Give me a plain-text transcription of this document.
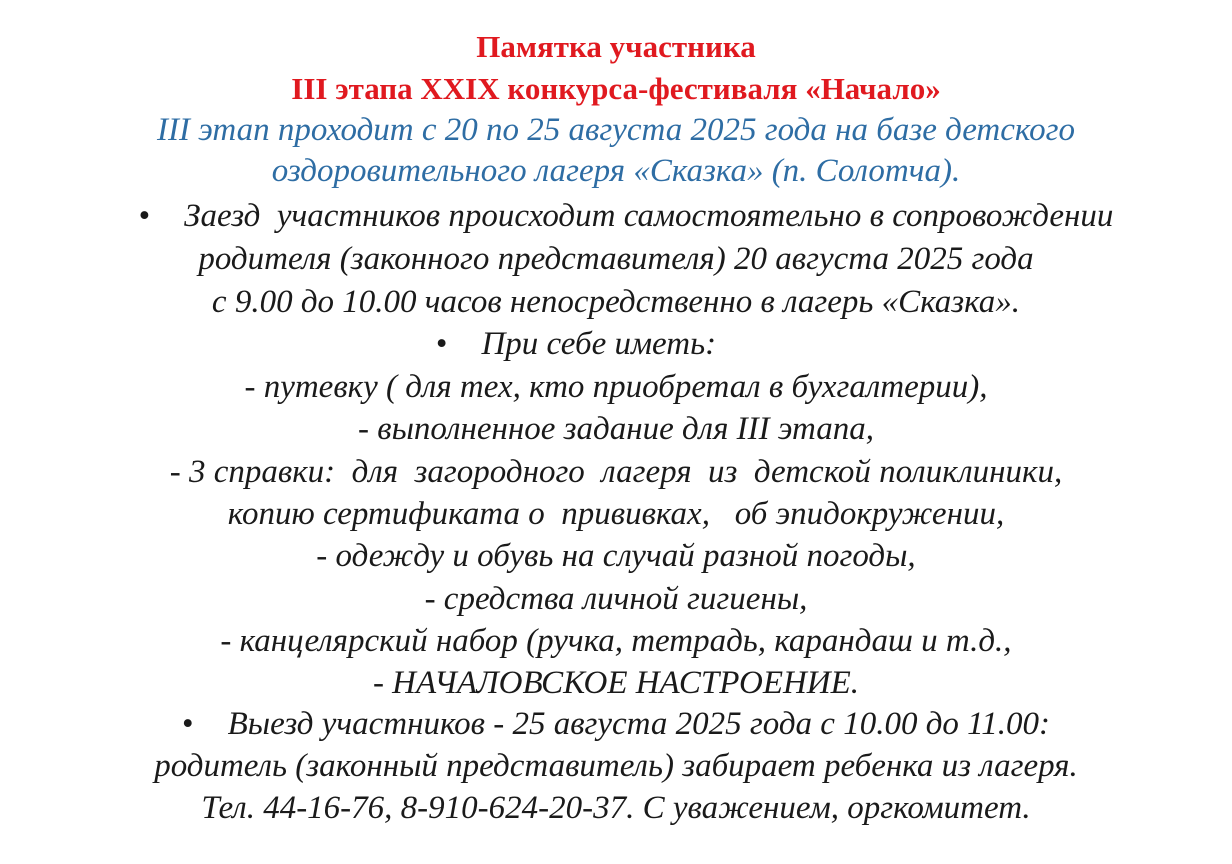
Памятка участника
III этапа XXIX конкурса-фестиваля «Начало»
III этап проходит с 20 по 25 августа 2025 года на базе детского
оздоровительного лагеря «Сказка» (п. Солотча).
• Заезд  участников происходит самостоятельно в сопровождении
родителя (законного представителя) 20 августа 2025 года
с 9.00 до 10.00 часов непосредственно в лагерь «Сказка».
• При себе иметь:
- путевку ( для тех, кто приобретал в бухгалтерии),
- выполненное задание для III этапа,
- 3 справки:  для  загородного  лагеря  из  детской поликлиники,
копию сертификата о  прививках,   об эпидокружении,
- одежду и обувь на случай разной погоды,
- средства личной гигиены,
- канцелярский набор (ручка, тетрадь, карандаш и т.д.,
- НАЧАЛОВСКОЕ НАСТРОЕНИЕ.
• Выезд участников - 25 августа 2025 года с 10.00 до 11.00:
родитель (законный представитель) забирает ребенка из лагеря.
Тел. 44-16-76, 8-910-624-20-37. С уважением, оргкомитет.
